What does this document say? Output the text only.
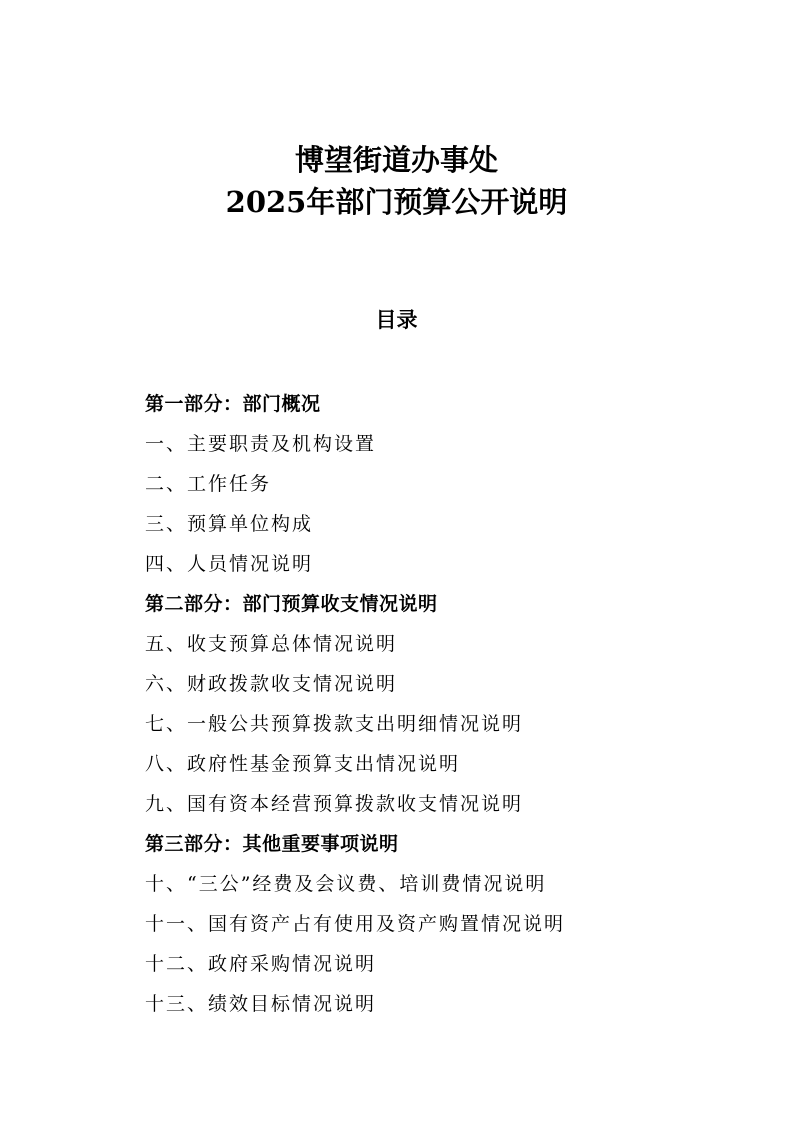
博望街道办事处
2025年部门预算公开说明
目录
第一部分：部门概况
一、主要职责及机构设置
二、工作任务
三、预算单位构成
四、人员情况说明
第二部分：部门预算收支情况说明
五、收支预算总体情况说明
六、财政拨款收支情况说明
七、一般公共预算拨款支出明细情况说明
八、政府性基金预算支出情况说明
九、国有资本经营预算拨款收支情况说明
第三部分：其他重要事项说明
十、“三公”经费及会议费、培训费情况说明
十一、国有资产占有使用及资产购置情况说明
十二、政府采购情况说明
十三、绩效目标情况说明
